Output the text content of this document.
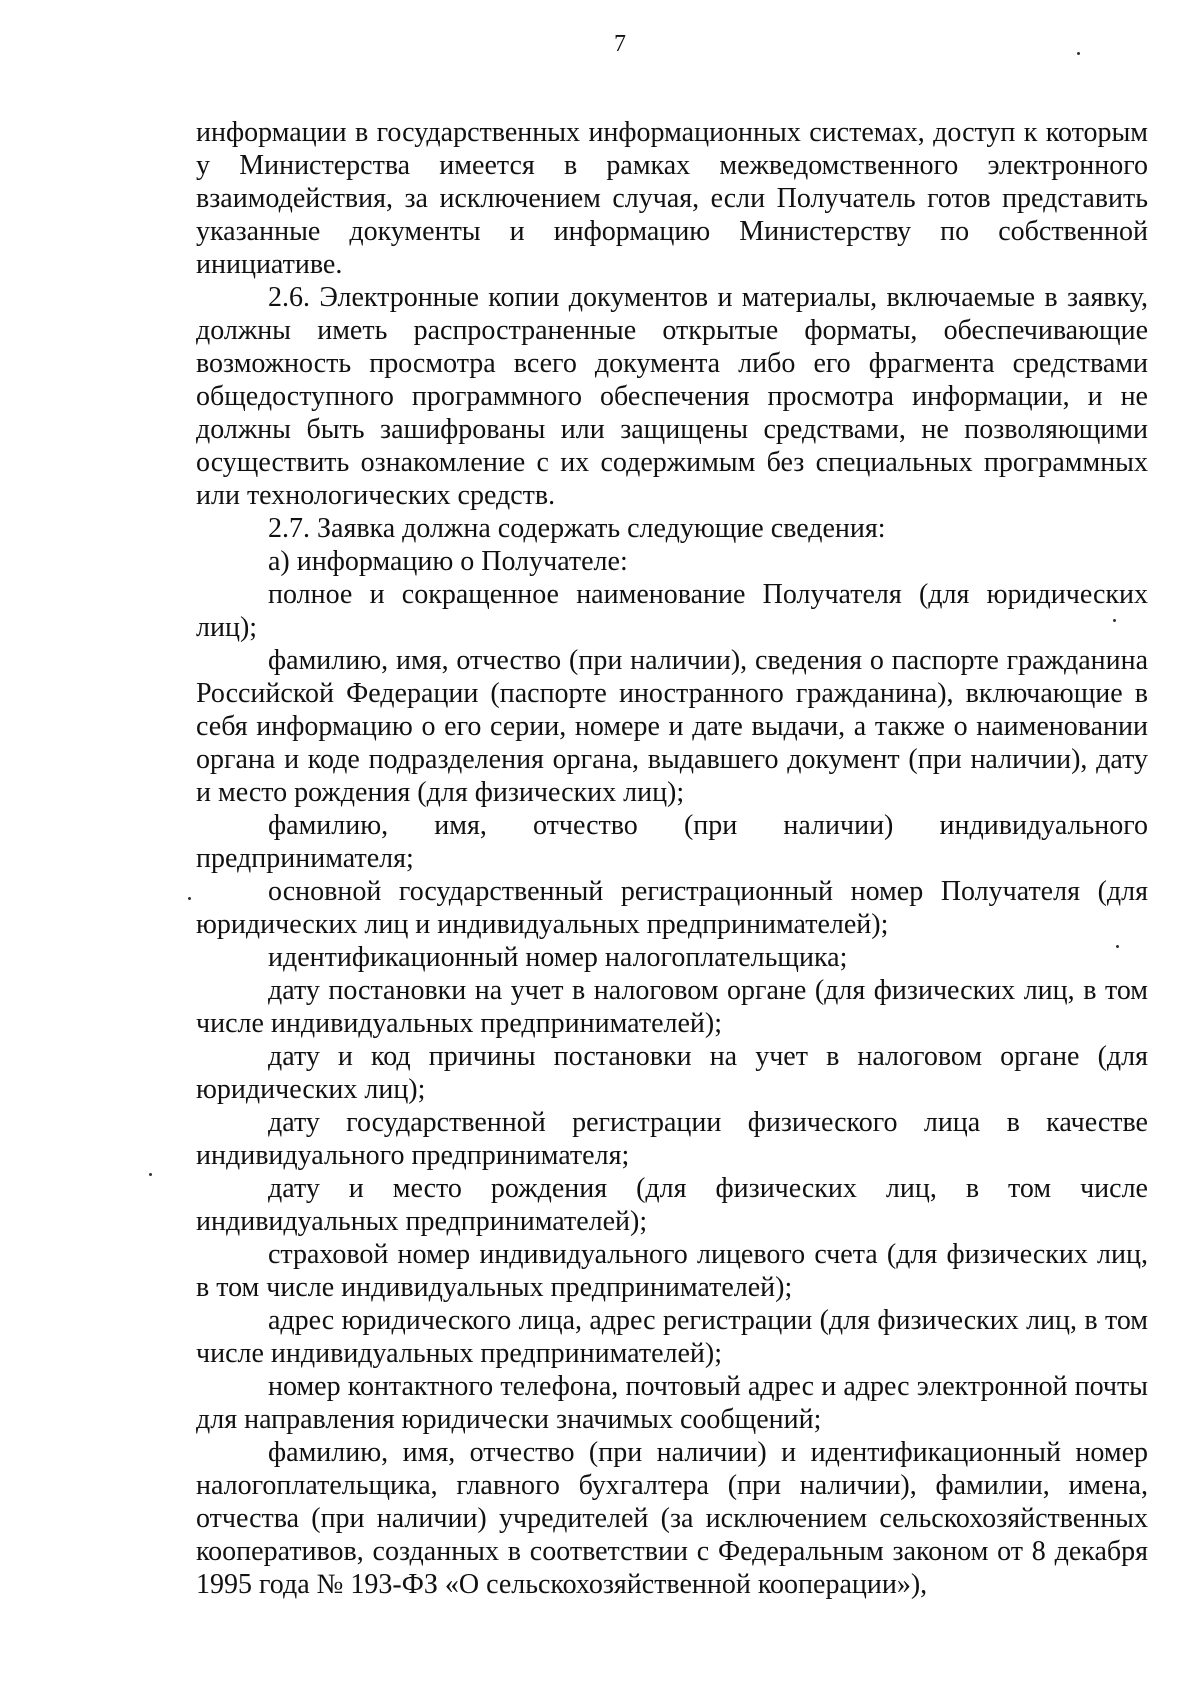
7

информации в государственных информационных системах, доступ к которым у Министерства имеется в рамках межведомственного электронного взаимодействия, за исключением случая, если Получатель готов представить указанные документы и информацию Министерству по собственной инициативе.

2.6. Электронные копии документов и материалы, включаемые в заявку, должны иметь распространенные открытые форматы, обеспечивающие возможность просмотра всего документа либо его фрагмента средствами общедоступного программного обеспечения просмотра информации, и не должны быть зашифрованы или защищены средствами, не позволяющими осуществить ознакомление с их содержимым без специальных программных или технологических средств.

2.7. Заявка должна содержать следующие сведения:

а) информацию о Получателе:

полное и сокращенное наименование Получателя (для юридических лиц);

фамилию, имя, отчество (при наличии), сведения о паспорте гражданина Российской Федерации (паспорте иностранного гражданина), включающие в себя информацию о его серии, номере и дате выдачи, а также о наименовании органа и коде подразделения органа, выдавшего документ (при наличии), дату и место рождения (для физических лиц);

фамилию, имя, отчество (при наличии) индивидуального предпринимателя;

основной государственный регистрационный номер Получателя (для юридических лиц и индивидуальных предпринимателей);

идентификационный номер налогоплательщика;

дату постановки на учет в налоговом органе (для физических лиц, в том числе индивидуальных предпринимателей);

дату и код причины постановки на учет в налоговом органе (для юридических лиц);

дату государственной регистрации физического лица в качестве индивидуального предпринимателя;

дату и место рождения (для физических лиц, в том числе индивидуальных предпринимателей);

страховой номер индивидуального лицевого счета (для физических лиц, в том числе индивидуальных предпринимателей);

адрес юридического лица, адрес регистрации (для физических лиц, в том числе индивидуальных предпринимателей);

номер контактного телефона, почтовый адрес и адрес электронной почты для направления юридически значимых сообщений;

фамилию, имя, отчество (при наличии) и идентификационный номер налогоплательщика, главного бухгалтера (при наличии), фамилии, имена, отчества (при наличии) учредителей (за исключением сельскохозяйственных кооперативов, созданных в соответствии с Федеральным законом от 8 декабря 1995 года № 193-ФЗ «О сельскохозяйственной кооперации»),
